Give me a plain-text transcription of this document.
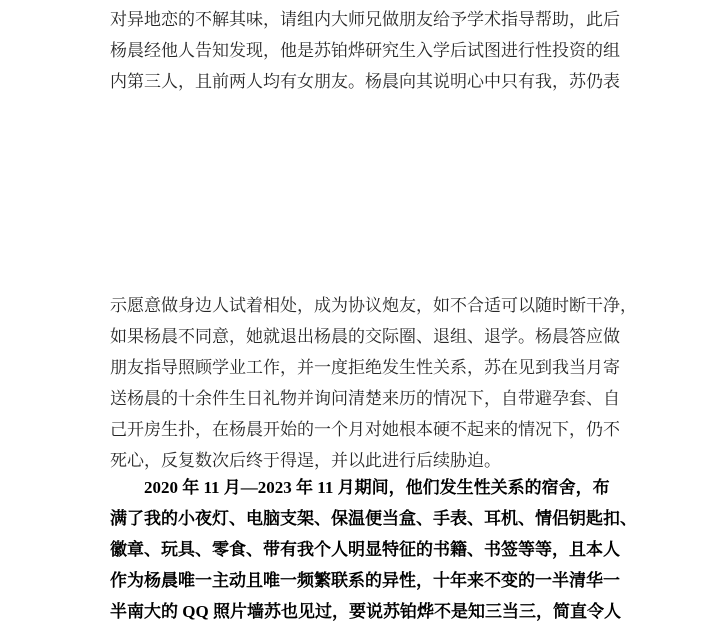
对异地恋的不解其味，请组内大师兄做朋友给予学术指导帮助，此后
杨晨经他人告知发现，他是苏铂烨研究生入学后试图进行性投资的组
内第三人，且前两人均有女朋友。杨晨向其说明心中只有我，苏仍表
示愿意做身边人试着相处，成为协议炮友，如不合适可以随时断干净，
如果杨晨不同意，她就退出杨晨的交际圈、退组、退学。杨晨答应做
朋友指导照顾学业工作，并一度拒绝发生性关系，苏在见到我当月寄
送杨晨的十余件生日礼物并询问清楚来历的情况下，自带避孕套、自
己开房生扑，在杨晨开始的一个月对她根本硬不起来的情况下，仍不
死心，反复数次后终于得逞，并以此进行后续胁迫。
2020 年 11 月—2023 年 11 月期间，他们发生性关系的宿舍，布
满了我的小夜灯、电脑支架、保温便当盒、手表、耳机、情侣钥匙扣、
徽章、玩具、零食、带有我个人明显特征的书籍、书签等等，且本人
作为杨晨唯一主动且唯一频繁联系的异性，十年来不变的一半清华一
半南大的 QQ 照片墙苏也见过，要说苏铂烨不是知三当三，简直令人
